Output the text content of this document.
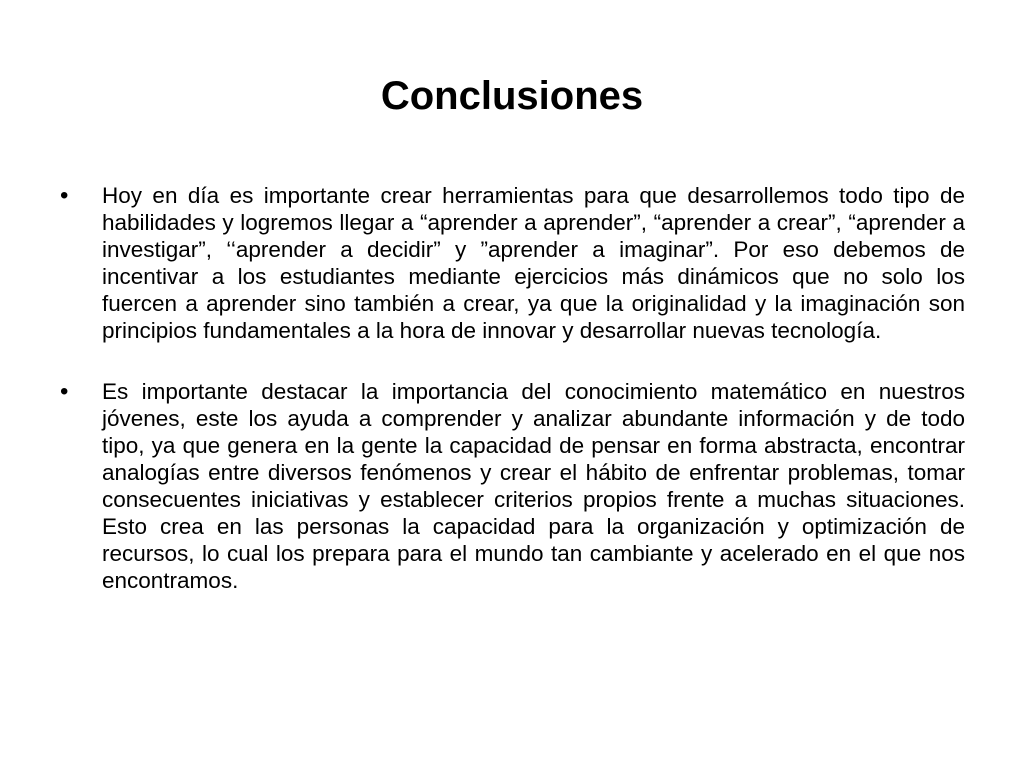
Conclusiones
• Hoy en día es importante crear herramientas para que desarrollemos todo tipo de habilidades y logremos llegar a “aprender a aprender”, “aprender a crear”, “aprender a investigar”, ‘‘aprender a decidir” y ”aprender a imaginar”. Por eso debemos de incentivar a los estudiantes mediante ejercicios más dinámicos que no solo los fuercen a aprender sino también a crear, ya que la originalidad y la imaginación son principios fundamentales a la hora de innovar y desarrollar nuevas tecnología.
• Es importante destacar la importancia del conocimiento matemático en nuestros jóvenes, este los ayuda a comprender y analizar abundante información y de todo tipo, ya que genera en la gente la capacidad de pensar en forma abstracta, encontrar analogías entre diversos fenómenos y crear el hábito de enfrentar problemas, tomar consecuentes iniciativas y establecer criterios propios frente a muchas situaciones. Esto crea en las personas la capacidad para la organización y optimización de recursos, lo cual los prepara para el mundo tan cambiante y acelerado en el que nos encontramos.
